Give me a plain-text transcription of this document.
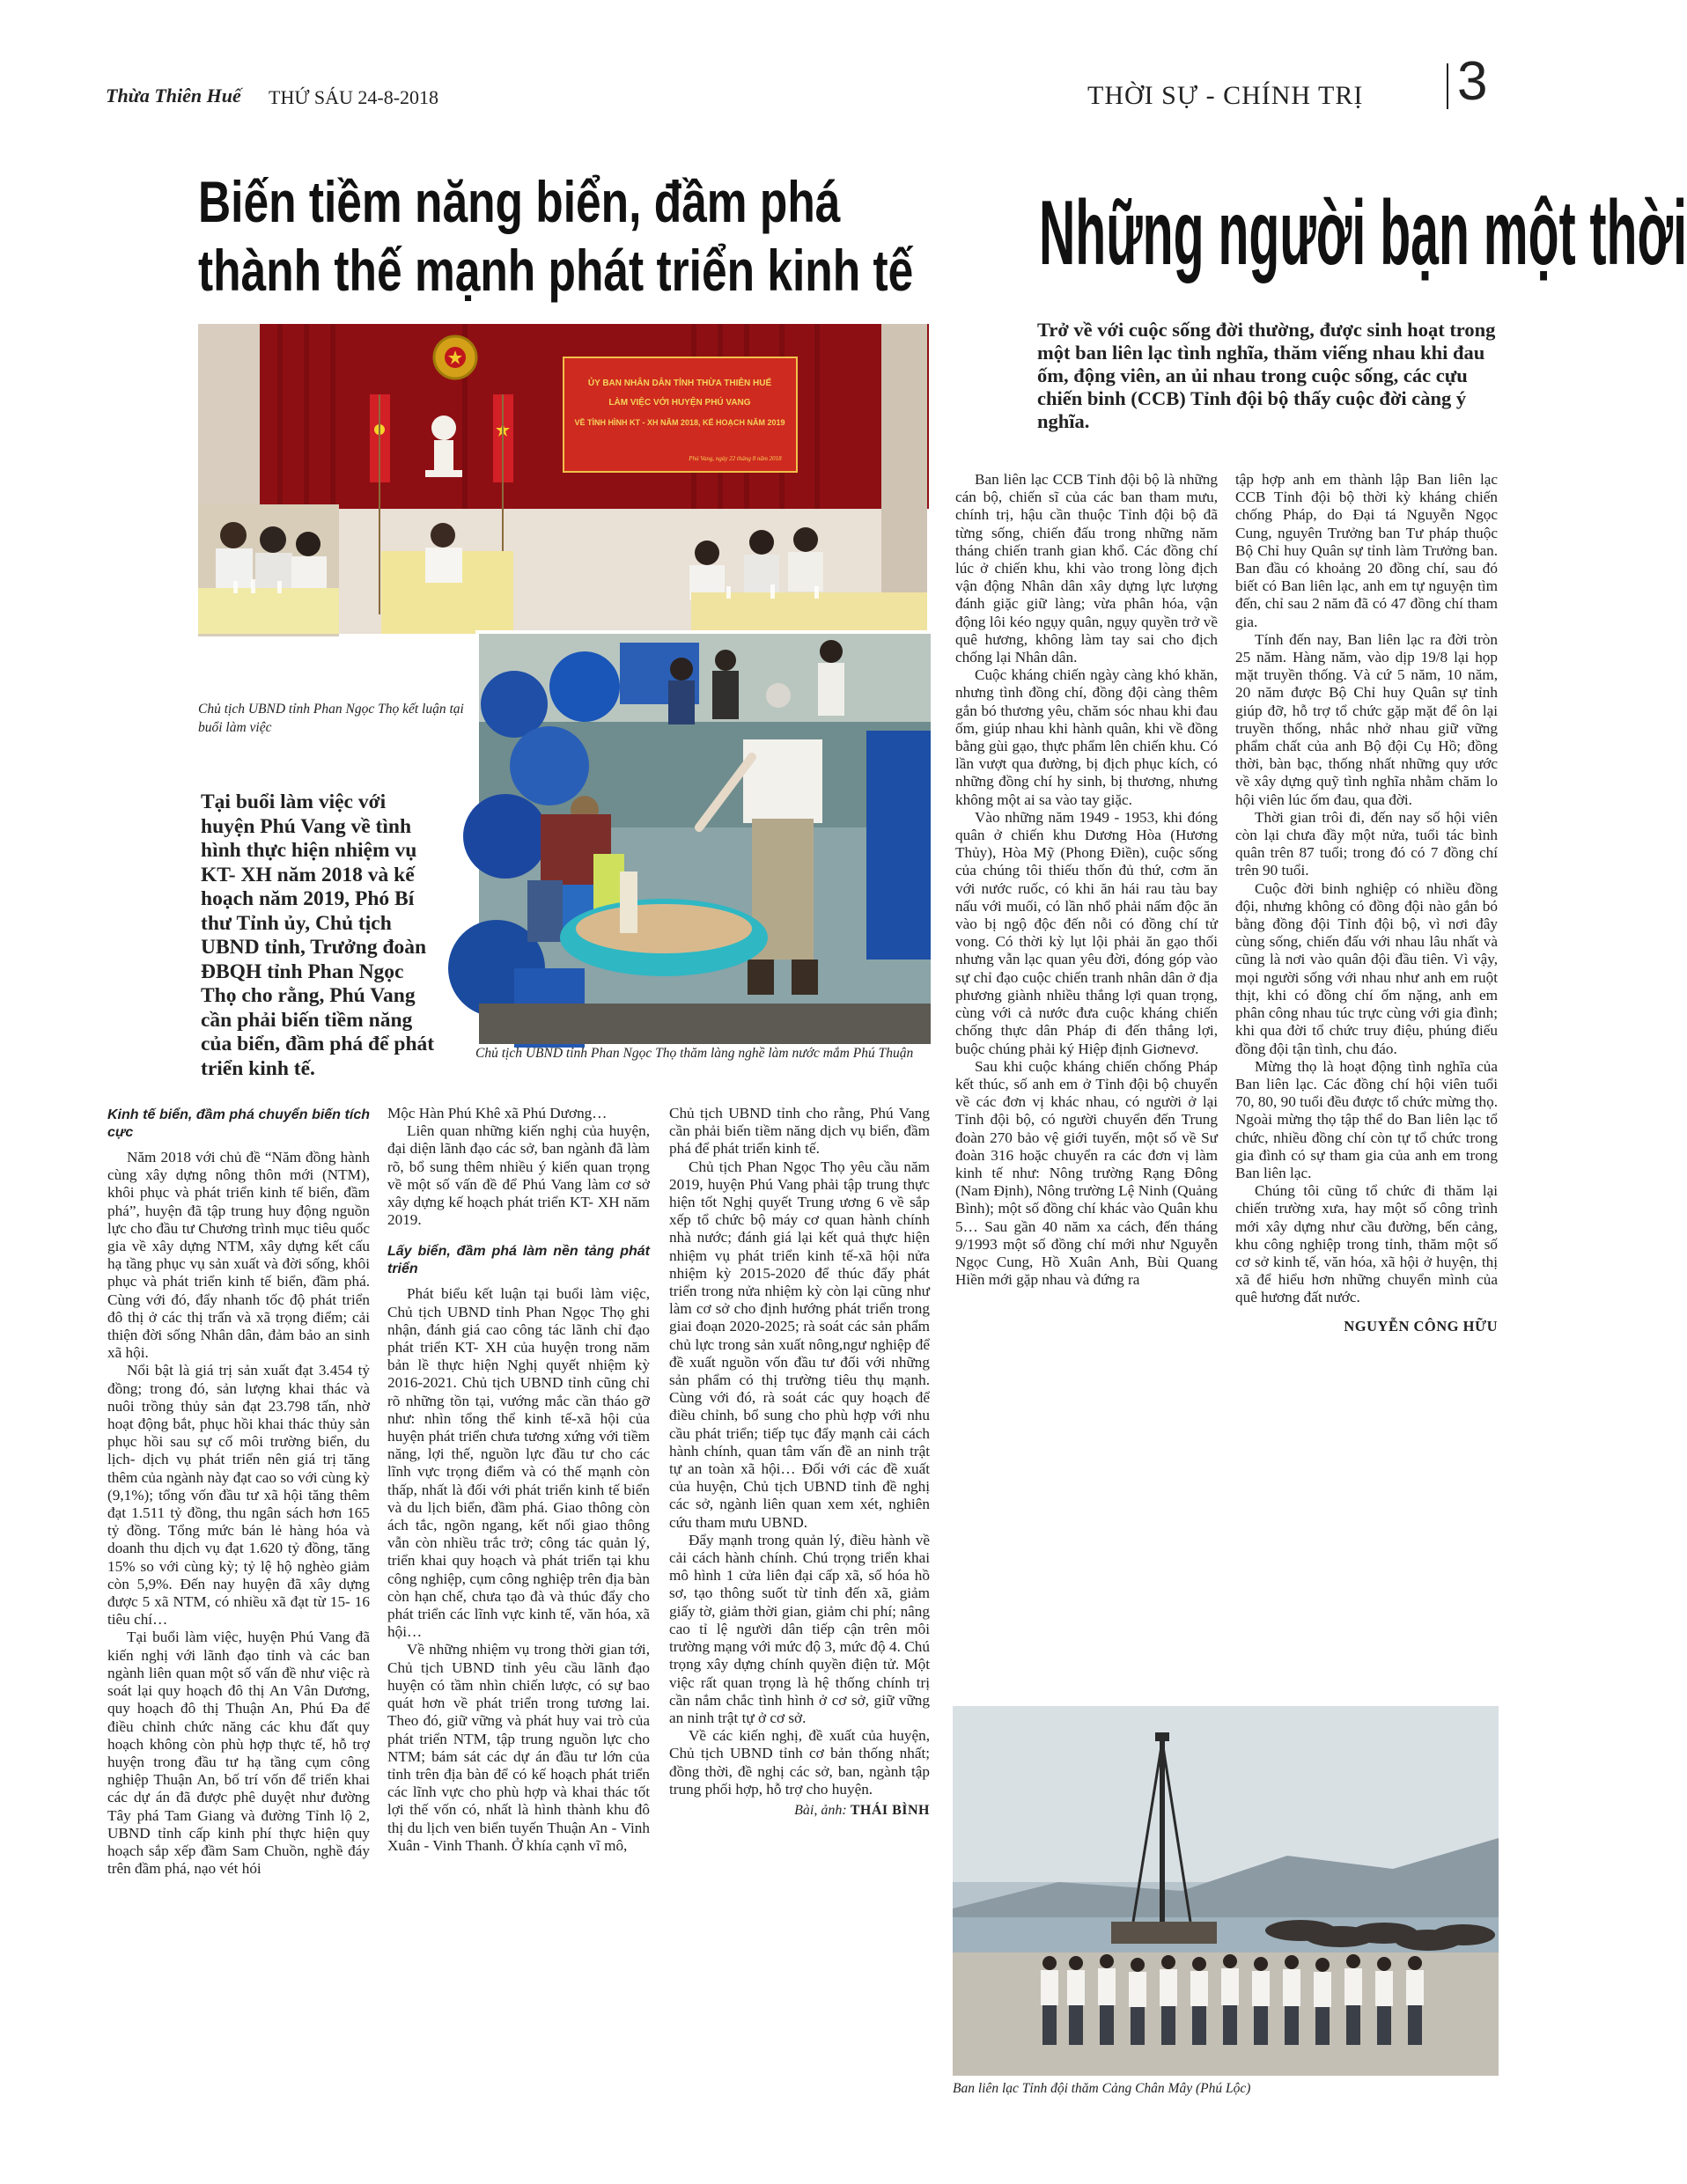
Thừa Thiên Huế THỨ SÁU 24-8-2018	THỜI SỰ - CHÍNH TRỊ 3
Biến tiềm năng biển, đầm phá
thành thế mạnh phát triển kinh tế
ỦY BAN NHÂN DÂN TỈNH THỪA THIÊN HUẾ
LÀM VIỆC VỚI HUYỆN PHÚ VANG
VỀ TÌNH HÌNH KT - XH NĂM 2018, KẾ HOẠCH NĂM 2019
Phú Vang, ngày 22 tháng 8 năm 2018
Chủ tịch UBND tỉnh Phan Ngọc Thọ kết luận tại buổi làm việc
Chủ tịch UBND tỉnh Phan Ngọc Thọ thăm làng nghề làm nước mắm Phú Thuận
Tại buổi làm việc với huyện Phú Vang về tình hình thực hiện nhiệm vụ KT- XH năm 2018 và kế hoạch năm 2019, Phó Bí thư Tỉnh ủy, Chủ tịch UBND tỉnh, Trưởng đoàn ĐBQH tỉnh Phan Ngọc Thọ cho rằng, Phú Vang cần phải biến tiềm năng của biển, đầm phá để phát triển kinh tế.

Kinh tế biển, đầm phá chuyển biến tích cực

Năm 2018 với chủ đề “Năm đồng hành cùng xây dựng nông thôn mới (NTM), khôi phục và phát triển kinh tế biển, đầm phá”, huyện đã tập trung huy động nguồn lực cho đầu tư Chương trình mục tiêu quốc gia về xây dựng NTM, xây dựng kết cấu hạ tầng phục vụ sản xuất và đời sống, khôi phục và phát triển kinh tế biển, đầm phá. Cùng với đó, đẩy nhanh tốc độ phát triển đô thị ở các thị trấn và xã trọng điểm; cải thiện đời sống Nhân dân, đảm bảo an sinh xã hội.

Nổi bật là giá trị sản xuất đạt 3.454 tỷ đồng; trong đó, sản lượng khai thác và nuôi trồng thủy sản đạt 23.798 tấn, nhờ hoạt động bắt, phục hồi khai thác thủy sản phục hồi sau sự cố môi trường biển, du lịch- dịch vụ phát triển nên giá trị tăng thêm của ngành này đạt cao so với cùng kỳ (9,1%); tổng vốn đầu tư xã hội tăng thêm đạt 1.511 tỷ đồng, thu ngân sách hơn 165 tỷ đồng. Tổng mức bán lẻ hàng hóa và doanh thu dịch vụ đạt 1.620 tỷ đồng, tăng 15% so với cùng kỳ; tỷ lệ hộ nghèo giảm còn 5,9%. Đến nay huyện đã xây dựng được 5 xã NTM, có nhiều xã đạt từ 15- 16 tiêu chí…

Tại buổi làm việc, huyện Phú Vang đã kiến nghị với lãnh đạo tỉnh và các ban ngành liên quan một số vấn đề như việc rà soát lại quy hoạch đô thị An Vân Dương, quy hoạch đô thị Thuận An, Phú Đa để điều chỉnh chức năng các khu đất quy hoạch không còn phù hợp thực tế, hỗ trợ huyện trong đầu tư hạ tầng cụm công nghiệp Thuận An, bố trí vốn để triển khai các dự án đã được phê duyệt như đường Tây phá Tam Giang và đường Tỉnh lộ 2, UBND tỉnh cấp kinh phí thực hiện quy hoạch sắp xếp đầm Sam Chuồn, nghề đáy trên đầm phá, nạo vét hói

Mộc Hàn Phú Khê xã Phú Dương…

Liên quan những kiến nghị của huyện, đại diện lãnh đạo các sở, ban ngành đã làm rõ, bổ sung thêm nhiều ý kiến quan trọng về một số vấn đề để Phú Vang làm cơ sở xây dựng kế hoạch phát triển KT- XH năm 2019.

Lấy biển, đầm phá làm nền tảng phát triển

Phát biểu kết luận tại buổi làm việc, Chủ tịch UBND tỉnh Phan Ngọc Thọ ghi nhận, đánh giá cao công tác lãnh chỉ đạo phát triển KT- XH của huyện trong năm bản lề thực hiện Nghị quyết nhiệm kỳ 2016-2021. Chủ tịch UBND tỉnh cũng chỉ rõ những tồn tại, vướng mắc cần tháo gỡ như: nhìn tổng thể kinh tế-xã hội của huyện phát triển chưa tương xứng với tiềm năng, lợi thế, nguồn lực đầu tư cho các lĩnh vực trọng điểm và có thế mạnh còn thấp, nhất là đối với phát triển kinh tế biển và du lịch biển, đầm phá. Giao thông còn ách tắc, ngõn ngang, kết nối giao thông vẫn còn nhiều trắc trở; công tác quản lý, triển khai quy hoạch và phát triển tại khu công nghiệp, cụm công nghiệp trên địa bàn còn hạn chế, chưa tạo đà và thúc đẩy cho phát triển các lĩnh vực kinh tế, văn hóa, xã hội…

Về những nhiệm vụ trong thời gian tới, Chủ tịch UBND tỉnh yêu cầu lãnh đạo huyện có tầm nhìn chiến lược, có sự bao quát hơn về phát triển trong tương lai. Theo đó, giữ vững và phát huy vai trò của phát triển NTM, tập trung nguồn lực cho NTM; bám sát các dự án đầu tư lớn của tỉnh trên địa bàn để có kế hoạch phát triển các lĩnh vực cho phù hợp và khai thác tốt lợi thế vốn có, nhất là hình thành khu đô thị du lịch ven biển tuyến Thuận An - Vinh Xuân - Vinh Thanh. Ở khía cạnh vĩ mô,

Chủ tịch UBND tỉnh cho rằng, Phú Vang cần phải biến tiềm năng dịch vụ biển, đầm phá để phát triển kinh tế.

Chủ tịch Phan Ngọc Thọ yêu cầu năm 2019, huyện Phú Vang phải tập trung thực hiện tốt Nghị quyết Trung ương 6 về sắp xếp tổ chức bộ máy cơ quan hành chính nhà nước; đánh giá lại kết quả thực hiện nhiệm vụ phát triển kinh tế-xã hội nửa nhiệm kỳ 2015-2020 để thúc đẩy phát triển trong nửa nhiệm kỳ còn lại cũng như làm cơ sở cho định hướng phát triển trong giai đoạn 2020-2025; rà soát các sản phẩm chủ lực trong sản xuất nông,ngư nghiệp để đề xuất nguồn vốn đầu tư đối với những sản phẩm có thị trường tiêu thụ mạnh. Cùng với đó, rà soát các quy hoạch để điều chỉnh, bổ sung cho phù hợp với nhu cầu phát triển; tiếp tục đẩy mạnh cải cách hành chính, quan tâm vấn đề an ninh trật tự an toàn xã hội… Đối với các đề xuất của huyện, Chủ tịch UBND tỉnh đề nghị các sở, ngành liên quan xem xét, nghiên cứu tham mưu UBND.

Đẩy mạnh trong quản lý, điều hành về cải cách hành chính. Chú trọng triển khai mô hình 1 cửa liên đại cấp xã, số hóa hồ sơ, tạo thông suốt từ tỉnh đến xã, giảm giấy tờ, giảm thời gian, giảm chi phí; nâng cao tỉ lệ người dân tiếp cận trên môi trường mạng với mức độ 3, mức độ 4. Chú trọng xây dựng chính quyền điện tử. Một việc rất quan trọng là hệ thống chính trị cần nắm chắc tình hình ở cơ sở, giữ vững an ninh trật tự ở cơ sở.

Về các kiến nghị, đề xuất của huyện, Chủ tịch UBND tỉnh cơ bản thống nhất; đồng thời, đề nghị các sở, ban, ngành tập trung phối hợp, hỗ trợ cho huyện.

Bài, ảnh: THÁI BÌNH

Những người bạn một thời
Trở về với cuộc sống đời thường, được sinh hoạt trong một ban liên lạc tình nghĩa, thăm viếng nhau khi đau ốm, động viên, an ủi nhau trong cuộc sống, các cựu chiến binh (CCB) Tỉnh đội bộ thấy cuộc đời càng ý nghĩa.

Ban liên lạc CCB Tỉnh đội bộ là những cán bộ, chiến sĩ của các ban tham mưu, chính trị, hậu cần thuộc Tỉnh đội bộ đã từng sống, chiến đấu trong những năm tháng chiến tranh gian khổ. Các đồng chí lúc ở chiến khu, khi vào trong lòng địch vận động Nhân dân xây dựng lực lượng đánh giặc giữ làng; vừa phân hóa, vận động lôi kéo ngụy quân, ngụy quyền trở về quê hương, không làm tay sai cho địch chống lại Nhân dân.

Cuộc kháng chiến ngày càng khó khăn, nhưng tình đồng chí, đồng đội càng thêm gắn bó thương yêu, chăm sóc nhau khi đau ốm, giúp nhau khi hành quân, khi về đồng bằng gùi gạo, thực phẩm lên chiến khu. Có lần vượt qua đường, bị địch phục kích, có những đồng chí hy sinh, bị thương, nhưng không một ai sa vào tay giặc.

Vào những năm 1949 - 1953, khi đóng quân ở chiến khu Dương Hòa (Hương Thủy), Hòa Mỹ (Phong Điền), cuộc sống của chúng tôi thiếu thốn đủ thứ, cơm ăn với nước ruốc, có khi ăn hái rau tàu bay nấu với muối, có lần nhổ phải nấm độc ăn vào bị ngộ độc đến nỗi có đồng chí tử vong. Có thời kỳ lụt lội phải ăn gạo thối nhưng vẫn lạc quan yêu đời, đóng góp vào sự chỉ đạo cuộc chiến tranh nhân dân ở địa phương giành nhiều thắng lợi quan trọng, cùng với cả nước đưa cuộc kháng chiến chống thực dân Pháp đi đến thắng lợi, buộc chúng phải ký Hiệp định Giơnevơ.

Sau khi cuộc kháng chiến chống Pháp kết thúc, số anh em ở Tỉnh đội bộ chuyển về các đơn vị khác nhau, có người ở lại Tỉnh đội bộ, có người chuyển đến Trung đoàn 270 bảo vệ giới tuyến, một số về Sư đoàn 316 hoặc chuyển ra các đơn vị làm kinh tế như: Nông trường Rạng Đông (Nam Định), Nông trường Lệ Ninh (Quảng Bình); một số đồng chí khác vào Quân khu 5… Sau gần 40 năm xa cách, đến tháng 9/1993 một số đồng chí mới như Nguyễn Ngọc Cung, Hồ Xuân Anh, Bùi Quang Hiền mới gặp nhau và đứng ra

tập hợp anh em thành lập Ban liên lạc CCB Tỉnh đội bộ thời kỳ kháng chiến chống Pháp, do Đại tá Nguyễn Ngọc Cung, nguyên Trưởng ban Tư pháp thuộc Bộ Chỉ huy Quân sự tỉnh làm Trưởng ban. Ban đầu có khoảng 20 đồng chí, sau đó biết có Ban liên lạc, anh em tự nguyện tìm đến, chỉ sau 2 năm đã có 47 đồng chí tham gia.

Tính đến nay, Ban liên lạc ra đời tròn 25 năm. Hàng năm, vào dịp 19/8 lại họp mặt truyền thống. Và cứ 5 năm, 10 năm, 20 năm được Bộ Chỉ huy Quân sự tỉnh giúp đỡ, hỗ trợ tổ chức gặp mặt để ôn lại truyền thống, nhắc nhở nhau giữ vững phẩm chất của anh Bộ đội Cụ Hồ; đồng thời, bàn bạc, thống nhất những quy ước về xây dựng quỹ tình nghĩa nhằm chăm lo hội viên lúc ốm đau, qua đời.

Thời gian trôi đi, đến nay số hội viên còn lại chưa đầy một nửa, tuổi tác bình quân trên 87 tuổi; trong đó có 7 đồng chí trên 90 tuổi.

Cuộc đời binh nghiệp có nhiều đồng đội, nhưng không có đồng đội nào gắn bó bằng đồng đội Tỉnh đội bộ, vì nơi đây cùng sống, chiến đấu với nhau lâu nhất và cũng là nơi vào quân đội đầu tiên. Vì vậy, mọi người sống với nhau như anh em ruột thịt, khi có đồng chí ốm nặng, anh em phân công nhau túc trực cùng với gia đình; khi qua đời tổ chức truy điệu, phúng điếu đồng đội tận tình, chu đáo.

Mừng thọ là hoạt động tình nghĩa của Ban liên lạc. Các đồng chí hội viên tuổi 70, 80, 90 tuổi đều được tổ chức mừng thọ. Ngoài mừng thọ tập thể do Ban liên lạc tổ chức, nhiều đồng chí còn tự tổ chức trong gia đình có sự tham gia của anh em trong Ban liên lạc.

Chúng tôi cũng tổ chức đi thăm lại chiến trường xưa, hay một số công trình mới xây dựng như cầu đường, bến cảng, khu công nghiệp trong tỉnh, thăm một số cơ sở kinh tế, văn hóa, xã hội ở huyện, thị xã để hiểu hơn những chuyển mình của quê hương đất nước.

NGUYỄN CÔNG HỮU

Ban liên lạc Tỉnh đội thăm Cảng Chân Mây (Phú Lộc)
